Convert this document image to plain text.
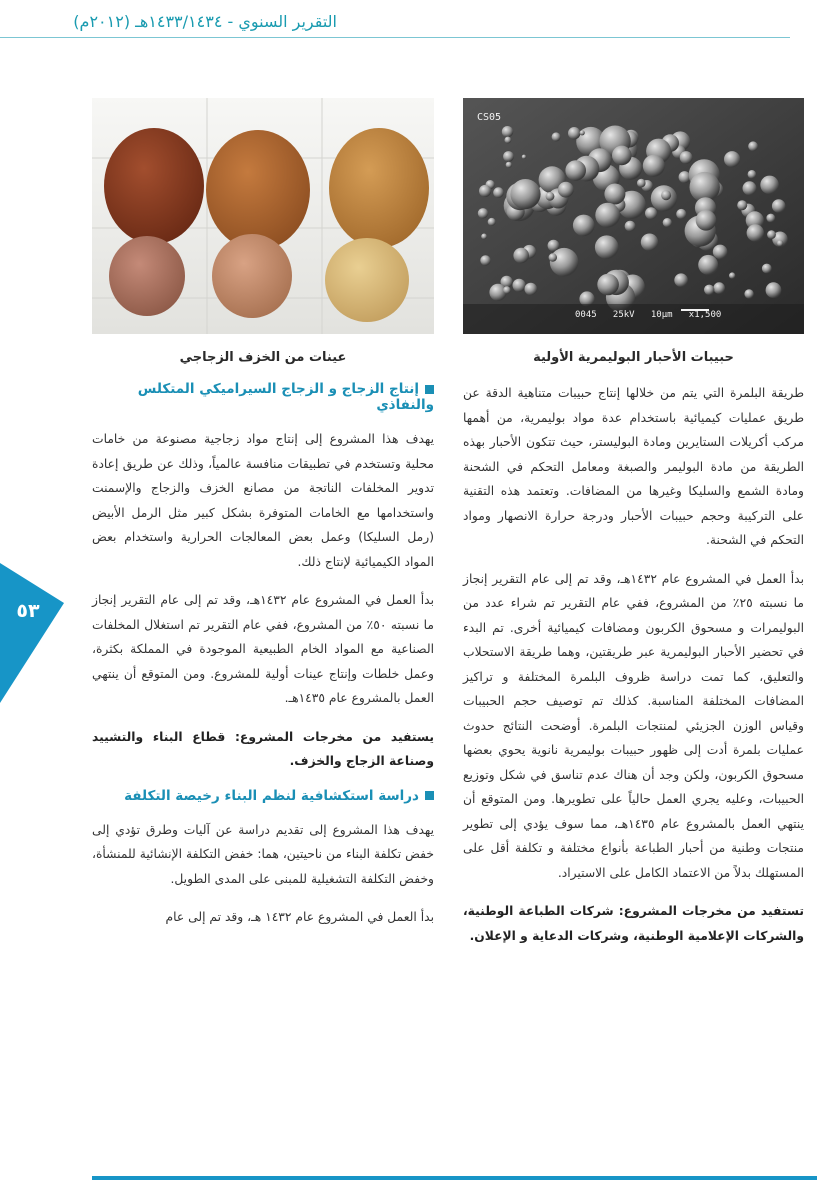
التقرير السنوي - ١٤٣٣/١٤٣٤هـ (٢٠١٢م)
CS05
0045   25kV   10μm   x1,500
حبيبات الأحبار البوليمرية الأولية

طريقة البلمرة التي يتم من خلالها إنتاج حبيبات متناهية الدقة عن طريق عمليات كيميائية باستخدام عدة مواد بوليمرية، من أهمها مركب أكريلات الستايرين ومادة البوليستر، حيث تتكون الأحبار بهذه الطريقة من مادة البوليمر والصبغة ومعامل التحكم في الشحنة ومادة الشمع والسليكا وغيرها من المضافات. وتعتمد هذه التقنية على التركيبة وحجم حبيبات الأحبار ودرجة حرارة الانصهار ومواد التحكم في الشحنة.

بدأ العمل في المشروع عام ١٤٣٢هـ، وقد تم إلى عام التقرير إنجاز ما نسبته ٢٥٪ من المشروع، ففي عام التقرير تم شراء عدد من البوليمرات و مسحوق الكربون ومضافات كيميائية أخرى. تم البدء في تحضير الأحبار البوليمرية عبر طريقتين، وهما طريقة الاستحلاب والتعليق، كما تمت دراسة ظروف البلمرة المختلفة و تراكيز المضافات المختلفة المناسبة. كذلك تم توصيف حجم الحبيبات وقياس الوزن الجزيئي لمنتجات البلمرة. أوضحت النتائج حدوث عمليات بلمرة أدت إلى ظهور حبيبات بوليمرية نانوية يحوي بعضها مسحوق الكربون، ولكن وجد أن هناك عدم تناسق في شكل وتوزيع الحبيبات، وعليه يجري العمل حالياً على تطويرها. ومن المتوقع أن ينتهي العمل بالمشروع عام ١٤٣٥هـ، مما سوف يؤدي إلى تطوير منتجات وطنية من أحبار الطباعة بأنواع مختلفة و تكلفة أقل على المستهلك بدلاً من الاعتماد الكامل على الاستيراد.

تستفيد من مخرجات المشروع: شركات الطباعة الوطنية، والشركات الإعلامية الوطنية، وشركات الدعاية و الإعلان.

عينات من الخزف الزجاجي
إنتاج الزجاج و الزجاج السيراميكي المتكلس والنفاذي

يهدف هذا المشروع إلى إنتاج مواد زجاجية مصنوعة من خامات محلية وتستخدم في تطبيقات منافسة عالمياً، وذلك عن طريق إعادة تدوير المخلفات الناتجة من مصانع الخزف والزجاج والإسمنت واستخدامها مع الخامات المتوفرة بشكل كبير مثل الرمل الأبيض (رمل السليكا) وعمل بعض المعالجات الحرارية واستخدام بعض المواد الكيميائية لإنتاج ذلك.

بدأ العمل في المشروع عام ١٤٣٢هـ، وقد تم إلى عام التقرير إنجاز ما نسبته ٥٠٪ من المشروع، ففي عام التقرير تم استغلال المخلفات الصناعية مع المواد الخام الطبيعية الموجودة في المملكة بكثرة، وعمل خلطات وإنتاج عينات أولية للمشروع. ومن المتوقع أن ينتهي العمل بالمشروع عام ١٤٣٥هـ.

يستفيد من مخرجات المشروع: قطاع البناء والتشييد وصناعة الزجاج والخزف.

دراسة استكشافية لنظم البناء رخيصة التكلفة

يهدف هذا المشروع إلى تقديم دراسة عن آليات وطرق تؤدي إلى خفض تكلفة البناء من ناحيتين، هما: خفض التكلفة الإنشائية للمنشأة، وخفض التكلفة التشغيلية للمبنى على المدى الطويل.

بدأ العمل في المشروع عام ١٤٣٢ هـ، وقد تم إلى عام

٥٣
